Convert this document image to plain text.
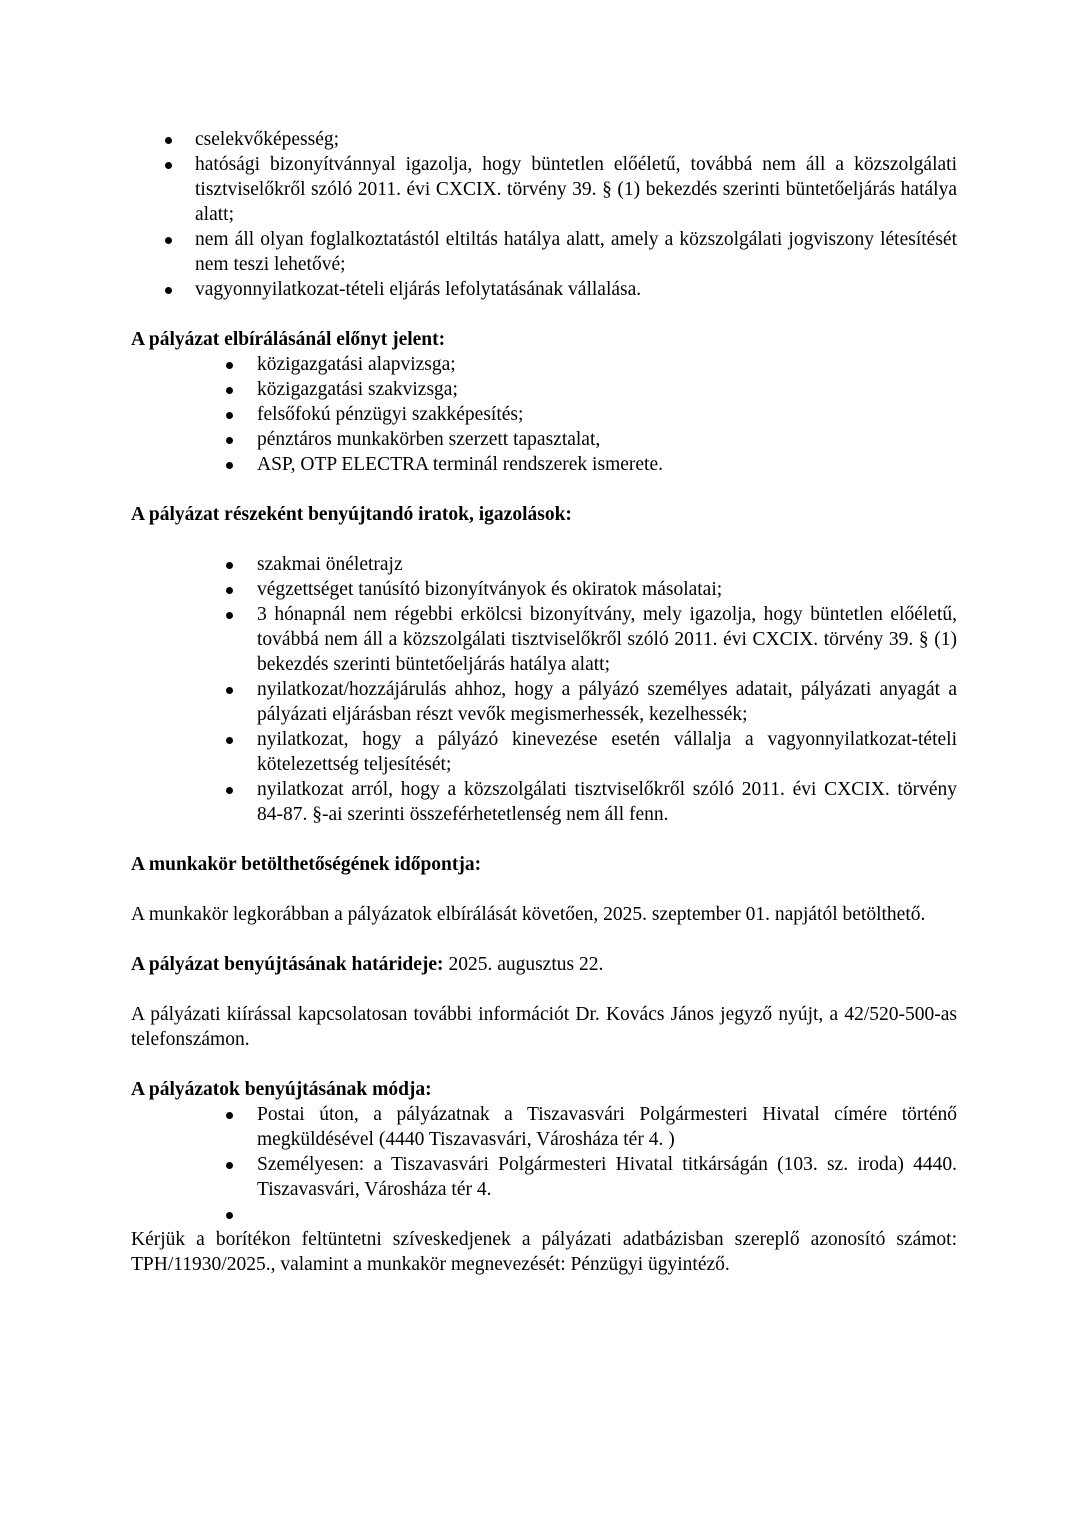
cselekvőképesség;
hatósági bizonyítvánnyal igazolja, hogy büntetlen előéletű, továbbá nem áll a közszolgálati tisztviselőkről szóló 2011. évi CXCIX. törvény 39. § (1) bekezdés szerinti büntetőeljárás hatálya alatt;
nem áll olyan foglalkoztatástól eltiltás hatálya alatt, amely a közszolgálati jogviszony létesítését nem teszi lehetővé;
vagyonnyilatkozat-tételi eljárás lefolytatásának vállalása.

A pályázat elbírálásánál előnyt jelent:

közigazgatási alapvizsga;
közigazgatási szakvizsga;
felsőfokú pénzügyi szakképesítés;
pénztáros munkakörben szerzett tapasztalat,
ASP, OTP ELECTRA terminál rendszerek ismerete.

A pályázat részeként benyújtandó iratok, igazolások:

szakmai önéletrajz
végzettséget tanúsító bizonyítványok és okiratok másolatai;
3 hónapnál nem régebbi erkölcsi bizonyítvány, mely igazolja, hogy büntetlen előéletű, továbbá nem áll a közszolgálati tisztviselőkről szóló 2011. évi CXCIX. törvény 39. § (1) bekezdés szerinti büntetőeljárás hatálya alatt;
nyilatkozat/hozzájárulás ahhoz, hogy a pályázó személyes adatait, pályázati anyagát a pályázati eljárásban részt vevők megismerhessék, kezelhessék;
nyilatkozat, hogy a pályázó kinevezése esetén vállalja a vagyonnyilatkozat-tételi kötelezettség teljesítését;
nyilatkozat arról, hogy a közszolgálati tisztviselőkről szóló 2011. évi CXCIX. törvény 84-87. §-ai szerinti összeférhetetlenség nem áll fenn.

A munkakör betölthetőségének időpontja:

A munkakör legkorábban a pályázatok elbírálását követően, 2025. szeptember 01. napjától betölthető.

A pályázat benyújtásának határideje: 2025. augusztus 22.

A pályázati kiírással kapcsolatosan további információt Dr. Kovács János jegyző nyújt, a 42/520-500-as telefonszámon.

A pályázatok benyújtásának módja:

Postai úton, a pályázatnak a Tiszavasvári Polgármesteri Hivatal címére történő megküldésével (4440 Tiszavasvári, Városháza tér 4. )
Személyesen: a Tiszavasvári Polgármesteri Hivatal titkárságán (103. sz. iroda) 4440. Tiszavasvári, Városháza tér 4.

Kérjük a borítékon feltüntetni szíveskedjenek a pályázati adatbázisban szereplő azonosító számot: TPH/11930/2025., valamint a munkakör megnevezését: Pénzügyi ügyintéző.
